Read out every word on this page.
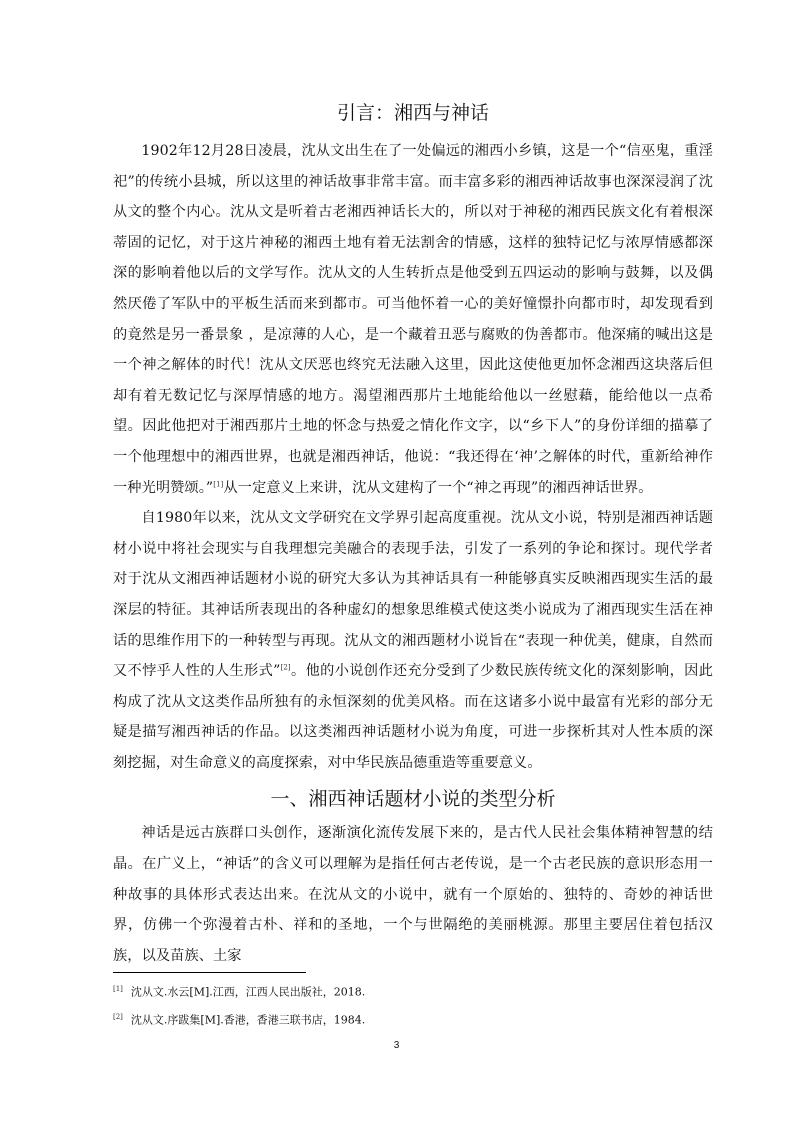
引言：湘西与神话

1902年12月28日凌晨，沈从文出生在了一处偏远的湘西小乡镇，这是一个“信巫鬼，重淫祀”的传统小县城，所以这里的神话故事非常丰富。而丰富多彩的湘西神话故事也深深浸润了沈从文的整个内心。沈从文是听着古老湘西神话长大的，所以对于神秘的湘西民族文化有着根深蒂固的记忆，对于这片神秘的湘西土地有着无法割舍的情感，这样的独特记忆与浓厚情感都深深的影响着他以后的文学写作。沈从文的人生转折点是他受到五四运动的影响与鼓舞，以及偶然厌倦了军队中的平板生活而来到都市。可当他怀着一心的美好憧憬扑向都市时，却发现看到的竟然是另一番景象 ，是凉薄的人心，是一个藏着丑恶与腐败的伪善都市。他深痛的喊出这是一个神之解体的时代！沈从文厌恶也终究无法融入这里，因此这使他更加怀念湘西这块落后但却有着无数记忆与深厚情感的地方。渴望湘西那片土地能给他以一丝慰藉，能给他以一点希望。因此他把对于湘西那片土地的怀念与热爱之情化作文字，以“乡下人”的身份详细的描摹了一个他理想中的湘西世界，也就是湘西神话，他说：“我还得在‘神’之解体的时代，重新给神作一种光明赞颂。”[1]从一定意义上来讲，沈从文建构了一个“神之再现”的湘西神话世界。

自1980年以来，沈从文文学研究在文学界引起高度重视。沈从文小说，特别是湘西神话题材小说中将社会现实与自我理想完美融合的表现手法，引发了一系列的争论和探讨。现代学者对于沈从文湘西神话题材小说的研究大多认为其神话具有一种能够真实反映湘西现实生活的最深层的特征。其神话所表现出的各种虚幻的想象思维模式使这类小说成为了湘西现实生活在神话的思维作用下的一种转型与再现。沈从文的湘西题材小说旨在“表现一种优美，健康，自然而又不悖乎人性的人生形式”[2]。他的小说创作还充分受到了少数民族传统文化的深刻影响，因此构成了沈从文这类作品所独有的永恒深刻的优美风格。而在这诸多小说中最富有光彩的部分无疑是描写湘西神话的作品。以这类湘西神话题材小说为角度，可进一步探析其对人性本质的深刻挖掘，对生命意义的高度探索，对中华民族品德重造等重要意义。

一、湘西神话题材小说的类型分析

神话是远古族群口头创作，逐渐演化流传发展下来的，是古代人民社会集体精神智慧的结晶。在广义上，“神话”的含义可以理解为是指任何古老传说，是一个古老民族的意识形态用一种故事的具体形式表达出来。在沈从文的小说中，就有一个原始的、独特的、奇妙的神话世界，仿佛一个弥漫着古朴、祥和的圣地，一个与世隔绝的美丽桃源。那里主要居住着包括汉族，以及苗族、土家

[1] 沈从文.水云[M].江西，江西人民出版社，2018.
[2] 沈从文.序跋集[M].香港，香港三联书店，1984.
3
